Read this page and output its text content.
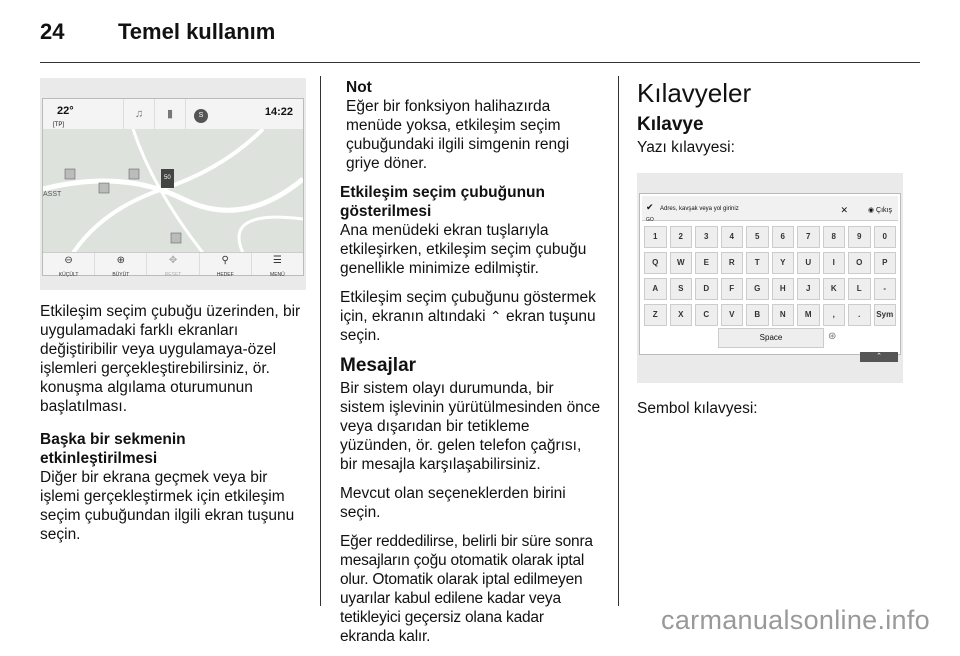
24	Temel kullanım
22°
[TP]
♫	▮	S	14:22
50
ASST
⊖
KÜÇÜLT
⊕
BÜYÜT
✥
RESET
⚲
HEDEF
☰
MENÜ

Etkileşim seçim çubuğu üzerinden, bir uygulamadaki farklı ekranları değiştiribilir veya uygulamaya-özel işlemleri gerçekleştirebilirsiniz, ör. konuşma algılama oturumunun başlatılması.

Başka bir sekmenin etkinleştirilmesi

Diğer bir ekrana geçmek veya bir işlemi gerçekleştirmek için etkileşim seçim çubuğundan ilgili ekran tuşunu seçin.

Not

Eğer bir fonksiyon halihazırda menüde yoksa, etkileşim seçim çubuğundaki ilgili simgenin rengi griye döner.

Etkileşim seçim çubuğunun gösterilmesi

Ana menüdeki ekran tuşlarıyla etkileşirken, etkileşim seçim çubuğu genellikle minimize edilmiştir.

Etkileşim seçim çubuğunu göstermek için, ekranın altındaki ⌃ ekran tuşunu seçin.

Mesajlar

Bir sistem olayı durumunda, bir sistem işlevinin yürütülmesinden önce veya dışarıdan bir tetikleme yüzünden, ör. gelen telefon çağrısı, bir mesajla karşılaşabilirsiniz.

Mevcut olan seçeneklerden birini seçin.

Eğer reddedilirse, belirli bir süre sonra mesajların çoğu otomatik olarak iptal olur. Otomatik olarak iptal edilmeyen uyarılar kabul edilene kadar veya tetikleyici geçersiz olana kadar ekranda kalır.

Kılavyeler
Kılavye

Yazı kılavyesi:

✔ Adres, kavşak veya yol giriniz
GO
✕	◉ Çıkış
1	2	3	4	5	6	7	8	9	0
Q	W	E	R	T	Y	U	I	O	P
A	S	D	F	G	H	J	K	L	-
Z	X	C	V	B	N	M	,	.	Sym
Space	⊛
⌃

Sembol kılavyesi:

carmanualsonline.info
